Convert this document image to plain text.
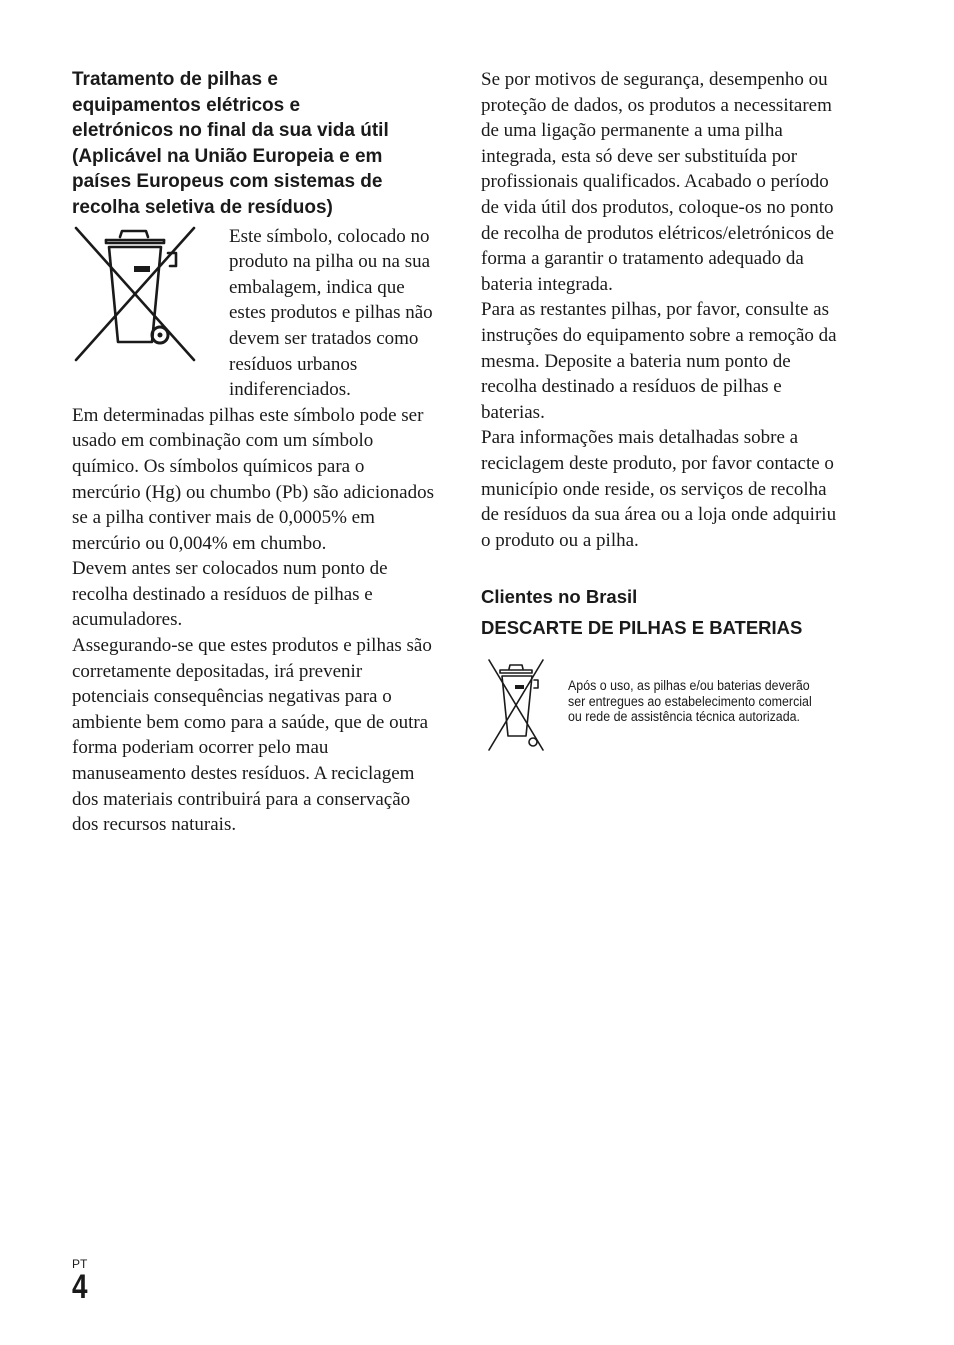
Tratamento de pilhas e
equipamentos elétricos e
eletrónicos no final da sua vida útil
(Aplicável na União Europeia e em
países Europeus com sistemas de
recolha seletiva de resíduos)

Este símbolo, colocado no produto na pilha ou na sua embalagem, indica que estes produtos e pilhas não devem ser tratados como resíduos urbanos indiferenciados.

Em determinadas pilhas este símbolo pode ser usado em combinação com um símbolo químico. Os símbolos químicos para o mercúrio (Hg) ou chumbo (Pb) são adicionados se a pilha contiver mais de 0,0005% em mercúrio ou 0,004% em chumbo.

Devem antes ser colocados num ponto de recolha destinado a resíduos de pilhas e acumuladores.

Assegurando-se que estes produtos e pilhas são corretamente depositadas, irá prevenir potenciais consequências negativas para o ambiente bem como para a saúde, que de outra forma poderiam ocorrer pelo mau manuseamento destes resíduos. A reciclagem dos materiais contribuirá para a conservação dos recursos naturais.

Se por motivos de segurança, desempenho ou proteção de dados, os produtos a necessitarem de uma ligação permanente a uma pilha integrada, esta só deve ser substituída por profissionais qualificados. Acabado o período de vida útil dos produtos, coloque-os no ponto de recolha de produtos elétricos/eletrónicos de forma a garantir o tratamento adequado da bateria integrada.

Para as restantes pilhas, por favor, consulte as instruções do equipamento sobre a remoção da mesma. Deposite a bateria num ponto de recolha destinado a resíduos de pilhas e baterias.

Para informações mais detalhadas sobre a reciclagem deste produto, por favor contacte o município onde reside, os serviços de recolha de resíduos da sua área ou a loja onde adquiriu o produto ou a pilha.

Clientes no Brasil

DESCARTE DE PILHAS E BATERIAS

Após o uso, as pilhas e/ou baterias deverão
ser entregues ao estabelecimento comercial
ou rede de assistência técnica autorizada.
PT
4
